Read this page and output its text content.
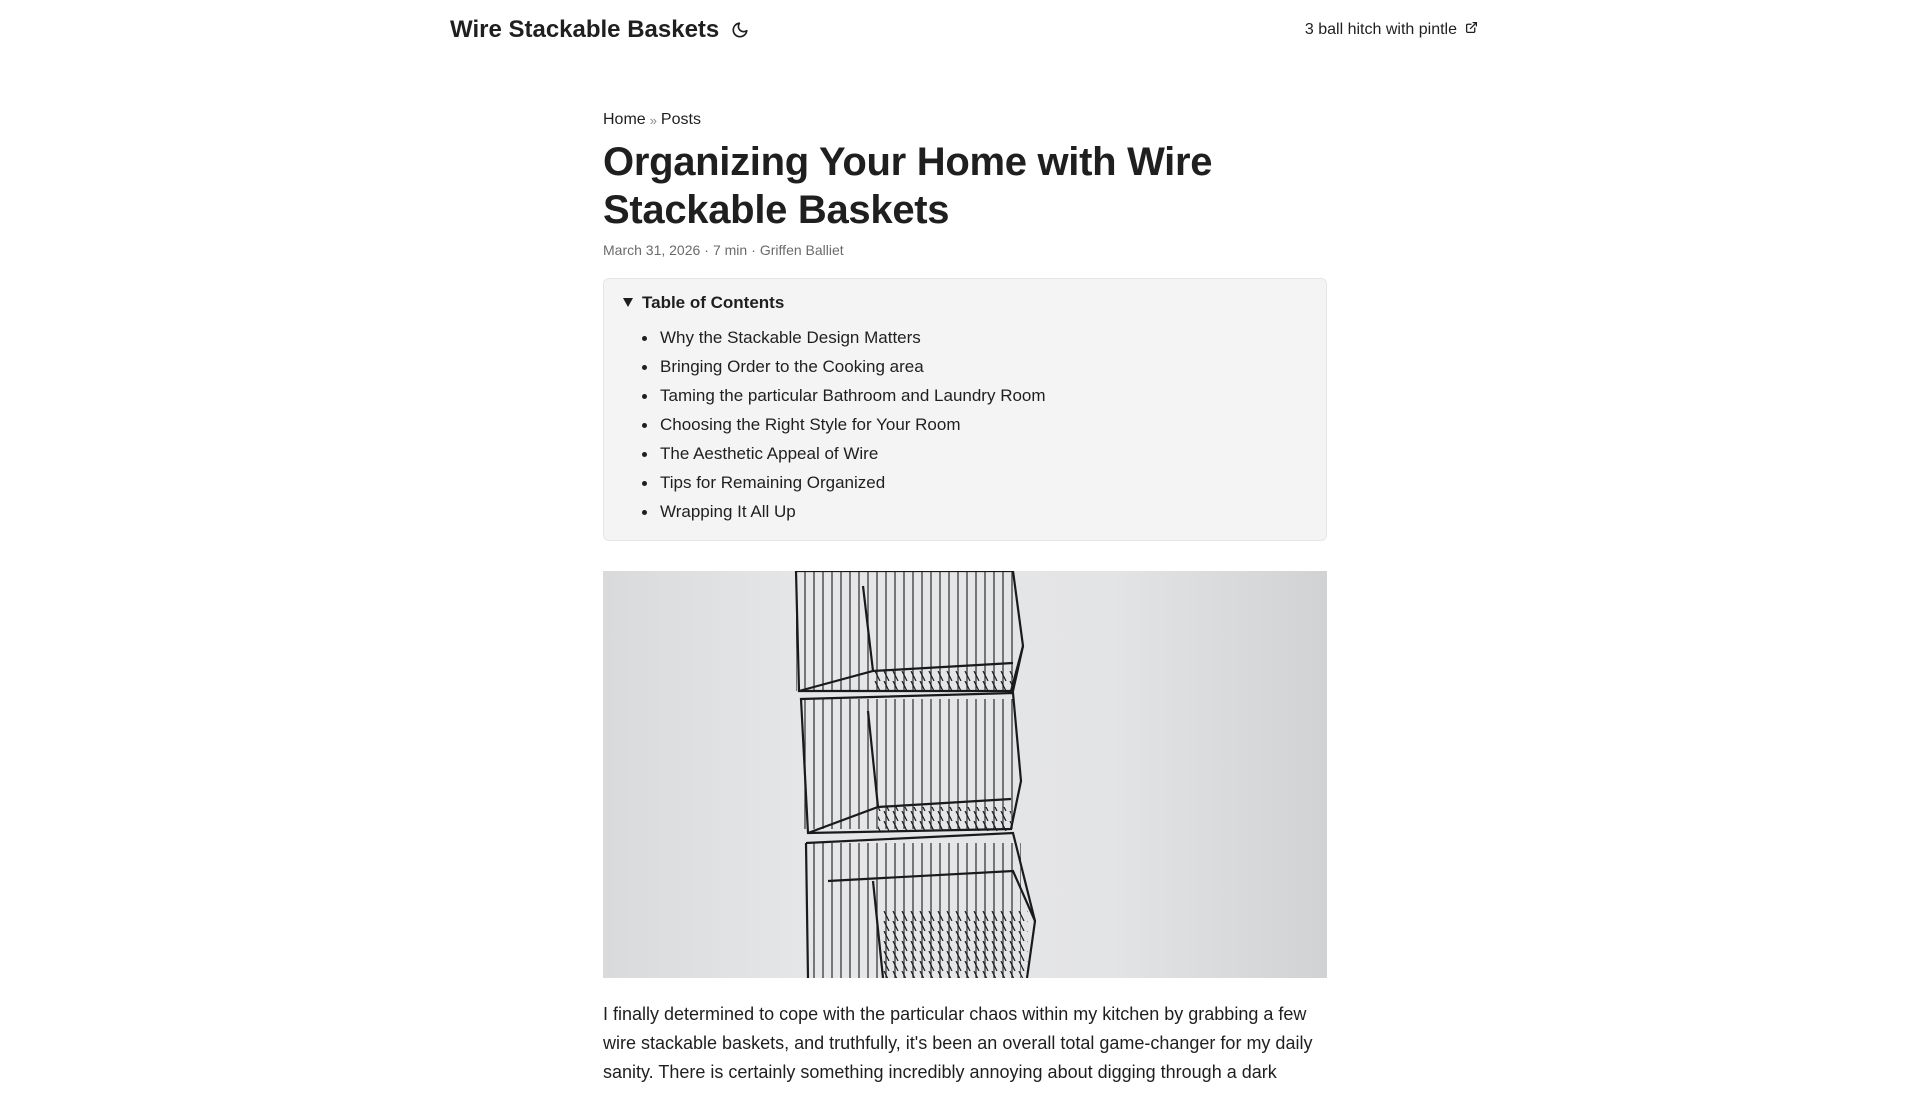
Wire Stackable Baskets	3 ball hitch with pintle
Home » Posts
Organizing Your Home with Wire Stackable Baskets
March 31, 2026 · 7 min · Griffen Balliet
Table of Contents
Why the Stackable Design Matters
Bringing Order to the Cooking area
Taming the particular Bathroom and Laundry Room
Choosing the Right Style for Your Room
The Aesthetic Appeal of Wire
Tips for Remaining Organized
Wrapping It All Up

I finally determined to cope with the particular chaos within my kitchen by grabbing a few wire stackable baskets, and truthfully, it's been an overall total game-changer for my daily sanity. There is certainly something incredibly annoying about digging through a dark
